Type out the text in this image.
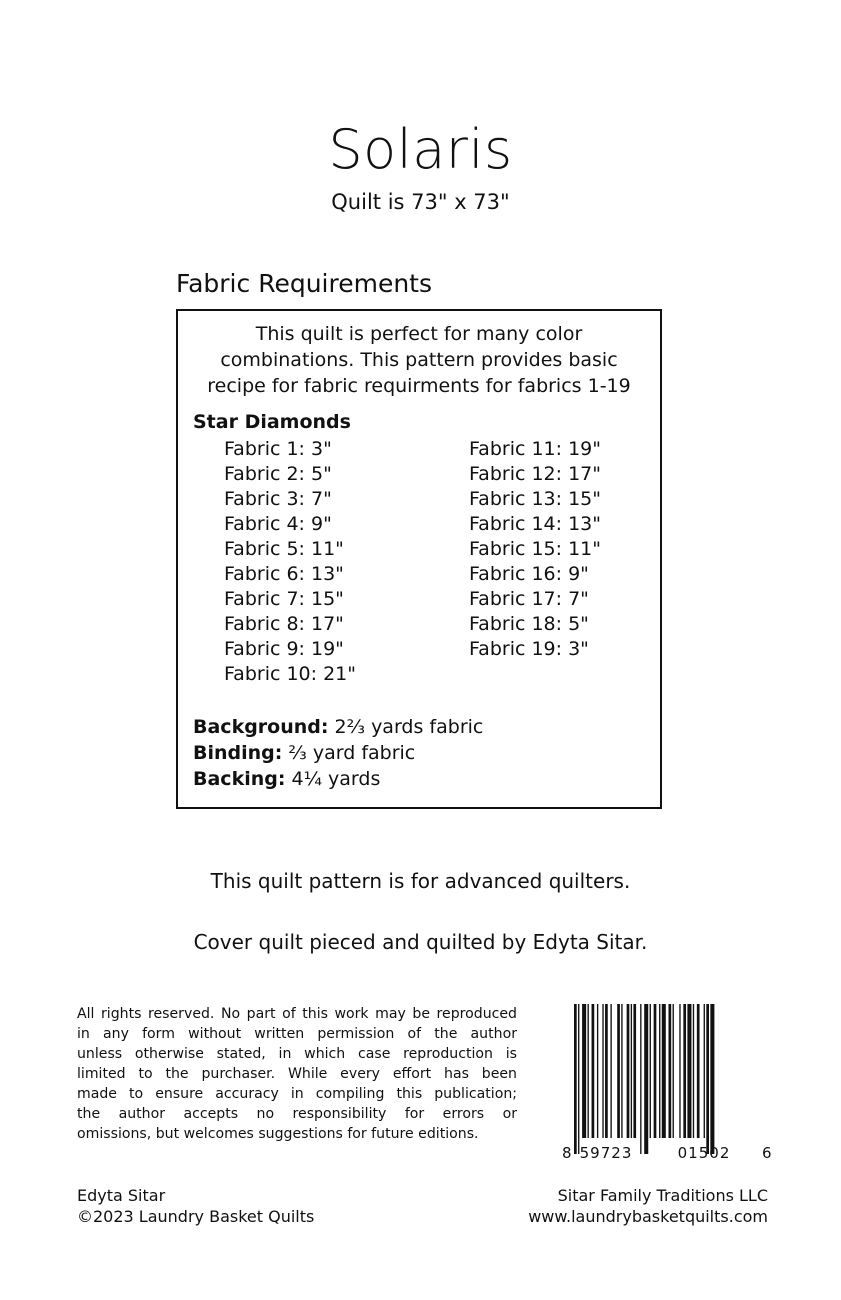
Solaris
Quilt is 73" x 73"
Fabric Requirements
This quilt is perfect for many color
combinations. This pattern provides basic
recipe for fabric requirments for fabrics 1-19
Star Diamonds
Fabric 1: 3"
Fabric 2: 5"
Fabric 3: 7"
Fabric 4: 9"
Fabric 5: 11"
Fabric 6: 13"
Fabric 7: 15"
Fabric 8: 17"
Fabric 9: 19"
Fabric 10: 21"
Fabric 11: 19"
Fabric 12: 17"
Fabric 13: 15"
Fabric 14: 13"
Fabric 15: 11"
Fabric 16: 9"
Fabric 17: 7"
Fabric 18: 5"
Fabric 19: 3"
Background: 2⅔ yards fabric
Binding: ⅔ yard fabric
Backing: 4¼ yards
This quilt pattern is for advanced quilters.
Cover quilt pieced and quilted by Edyta Sitar.
All rights reserved. No part of this work may be reproduced
in any form without written permission of the author
unless otherwise stated, in which case reproduction is
limited to the purchaser. While every effort has been
made to ensure accuracy in compiling this publication;
the author accepts no responsibility for errors or
omissions, but welcomes suggestions for future editions.
8 59723	01502 6
Edyta Sitar
©2023 Laundry Basket Quilts
Sitar Family Traditions LLC
www.laundrybasketquilts.com
